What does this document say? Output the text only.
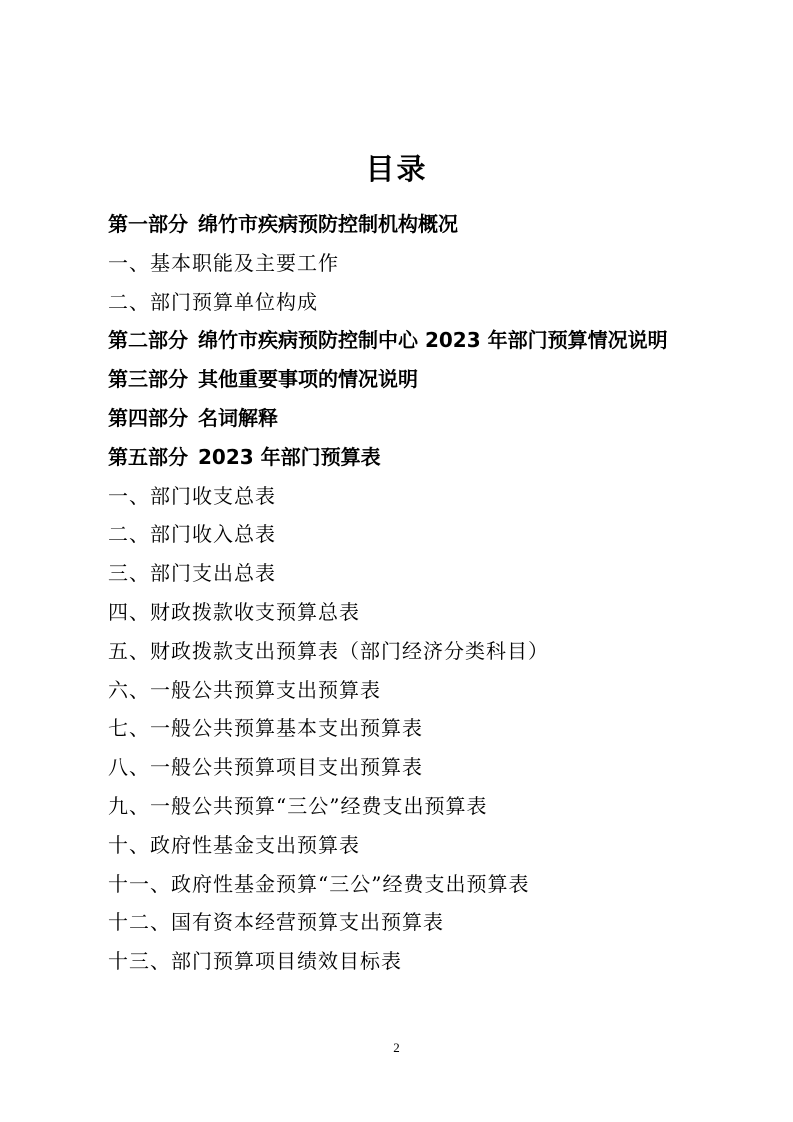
目录
第一部分 绵竹市疾病预防控制机构概况
一、基本职能及主要工作
二、部门预算单位构成
第二部分 绵竹市疾病预防控制中心 2023 年部门预算情况说明
第三部分 其他重要事项的情况说明
第四部分 名词解释
第五部分 2023 年部门预算表
一、部门收支总表
二、部门收入总表
三、部门支出总表
四、财政拨款收支预算总表
五、财政拨款支出预算表（部门经济分类科目）
六、一般公共预算支出预算表
七、一般公共预算基本支出预算表
八、一般公共预算项目支出预算表
九、一般公共预算“三公”经费支出预算表
十、政府性基金支出预算表
十一、政府性基金预算“三公”经费支出预算表
十二、国有资本经营预算支出预算表
十三、部门预算项目绩效目标表
2
